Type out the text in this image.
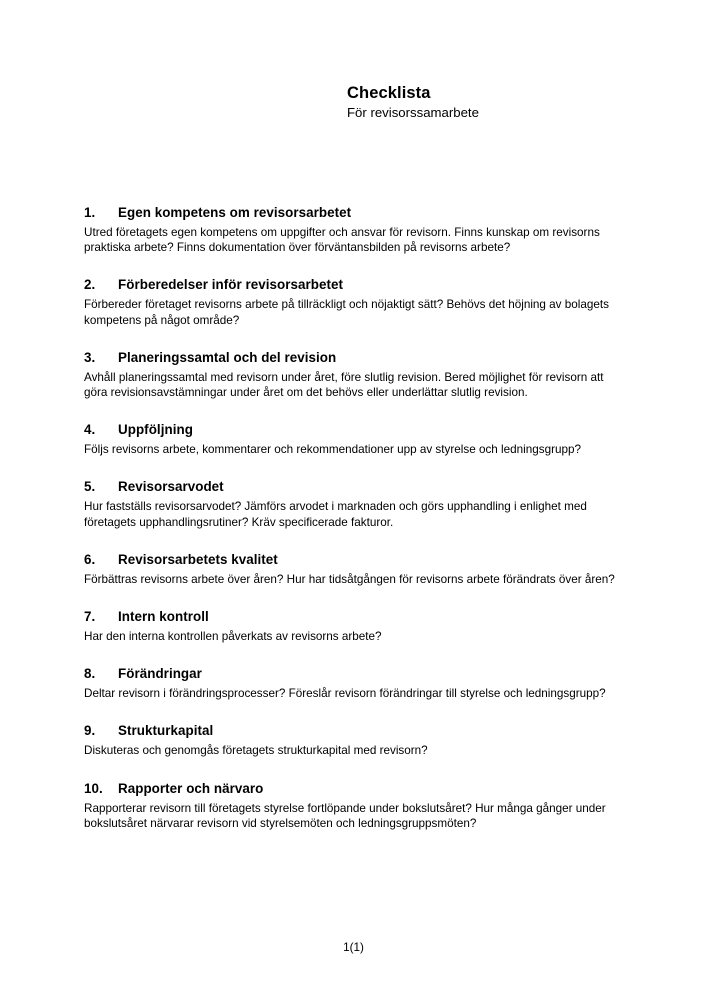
Checklista
För revisorssamarbete
1.	Egen kompetens om revisorsarbetet

Utred företagets egen kompetens om uppgifter och ansvar för revisorn. Finns kunskap om revisorns praktiska arbete? Finns dokumentation över förväntansbilden på revisorns arbete?

2.	Förberedelser inför revisorsarbetet

Förbereder företaget revisorns arbete på tillräckligt och nöjaktigt sätt? Behövs det höjning av bolagets kompetens på något område?

3.	Planeringssamtal och del revision

Avhåll planeringssamtal med revisorn under året, före slutlig revision. Bered möjlighet för revisorn att göra revisionsavstämningar under året om det behövs eller underlättar slutlig revision.

4.	Uppföljning

Följs revisorns arbete, kommentarer och rekommendationer upp av styrelse och ledningsgrupp?

5.	Revisorsarvodet

Hur fastställs revisorsarvodet? Jämförs arvodet i marknaden och görs upphandling i enlighet med företagets upphandlingsrutiner? Kräv specificerade fakturor.

6.	Revisorsarbetets kvalitet

Förbättras revisorns arbete över åren? Hur har tidsåtgången för revisorns arbete förändrats över åren?

7.	Intern kontroll

Har den interna kontrollen påverkats av revisorns arbete?

8.	Förändringar

Deltar revisorn i förändringsprocesser? Föreslår revisorn förändringar till styrelse och ledningsgrupp?

9.	Strukturkapital

Diskuteras och genomgås företagets strukturkapital med revisorn?

10.	Rapporter och närvaro

Rapporterar revisorn till företagets styrelse fortlöpande under bokslutsåret? Hur många gånger under bokslutsåret närvarar revisorn vid styrelsemöten och ledningsgruppsmöten?

1(1)
